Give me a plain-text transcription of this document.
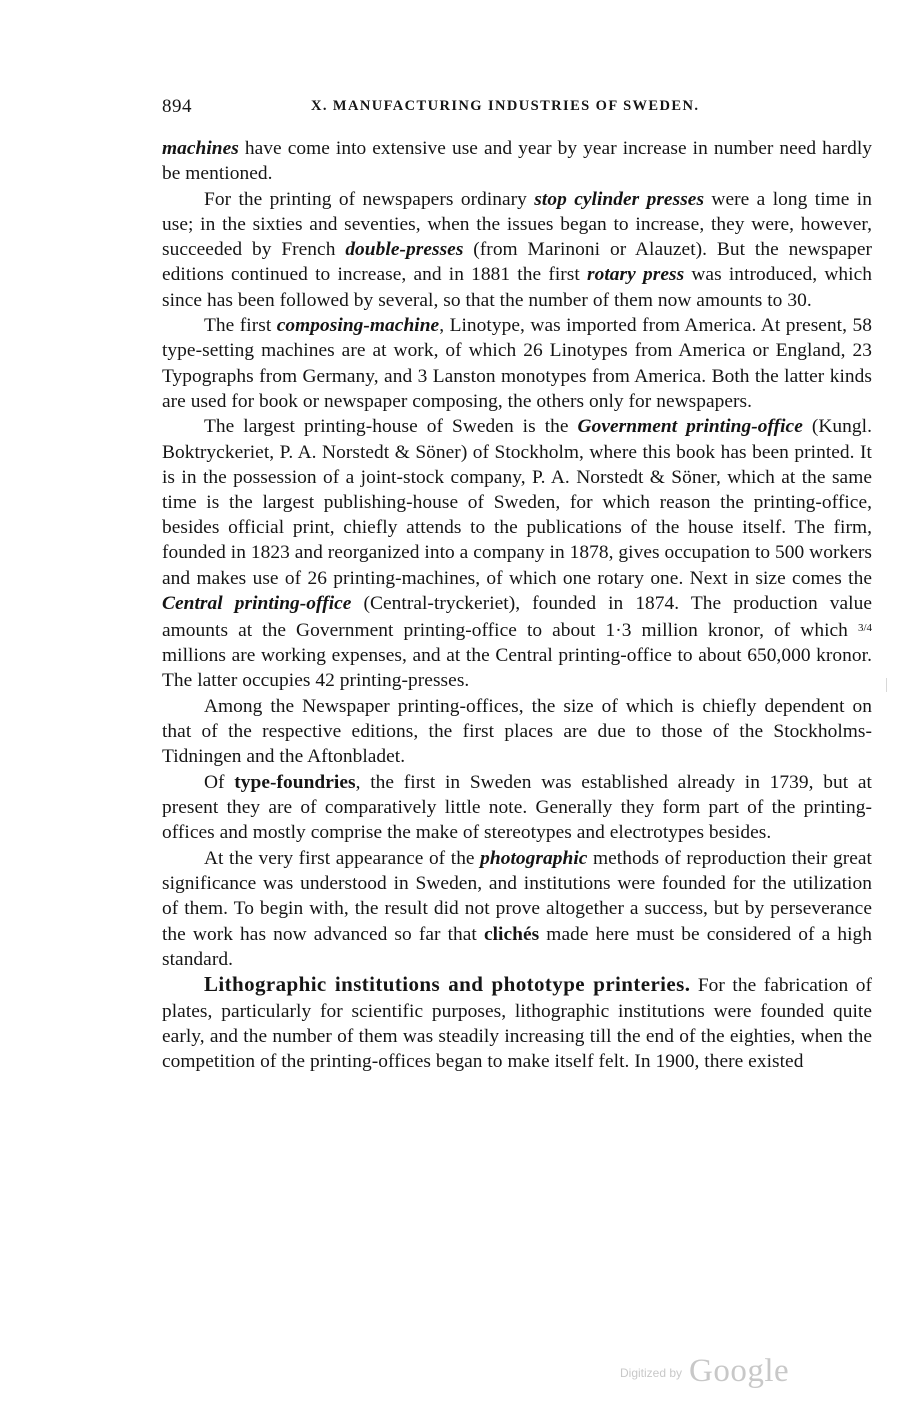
894	X. MANUFACTURING INDUSTRIES OF SWEDEN.

machines have come into extensive use and year by year increase in number need hardly be mentioned.

For the printing of newspapers ordinary stop cylinder presses were a long time in use; in the sixties and seventies, when the issues began to increase, they were, however, succeeded by French double-presses (from Marinoni or Alauzet). But the newspaper editions continued to increase, and in 1881 the first rotary press was introduced, which since has been followed by several, so that the number of them now amounts to 30.

The first composing-machine, Linotype, was imported from America. At present, 58 type-setting machines are at work, of which 26 Linotypes from America or England, 23 Typographs from Germany, and 3 Lanston monotypes from America. Both the latter kinds are used for book or newspaper composing, the others only for newspapers.

The largest printing-house of Sweden is the Government printing-office (Kungl. Boktryckeriet, P. A. Norstedt & Söner) of Stockholm, where this book has been printed. It is in the possession of a joint-stock company, P. A. Norstedt & Söner, which at the same time is the largest publishing-house of Sweden, for which reason the printing-office, besides official print, chiefly attends to the publications of the house itself. The firm, founded in 1823 and reorganized into a company in 1878, gives occupation to 500 workers and makes use of 26 printing-machines, of which one rotary one. Next in size comes the Central printing-office (Central-tryckeriet), founded in 1874. The production value amounts at the Government printing-office to about 1·3 million kronor, of which $^{3/4}$ millions are working expenses, and at the Central printing-office to about 650,000 kronor. The latter occupies 42 printing-presses.

Among the Newspaper printing-offices, the size of which is chiefly dependent on that of the respective editions, the first places are due to those of the Stockholms-Tidningen and the Aftonbladet.

Of type-foundries, the first in Sweden was established already in 1739, but at present they are of comparatively little note. Generally they form part of the printing-offices and mostly comprise the make of stereotypes and electrotypes besides.

At the very first appearance of the photographic methods of reproduction their great significance was understood in Sweden, and institutions were founded for the utilization of them. To begin with, the result did not prove altogether a success, but by perseverance the work has now advanced so far that clichés made here must be considered of a high standard.

Lithographic institutions and phototype printeries. For the fabrication of plates, particularly for scientific purposes, lithographic institutions were founded quite early, and the number of them was steadily increasing till the end of the eighties, when the competition of the printing-offices began to make itself felt. In 1900, there existed

$^{Digitized by}$ Google
